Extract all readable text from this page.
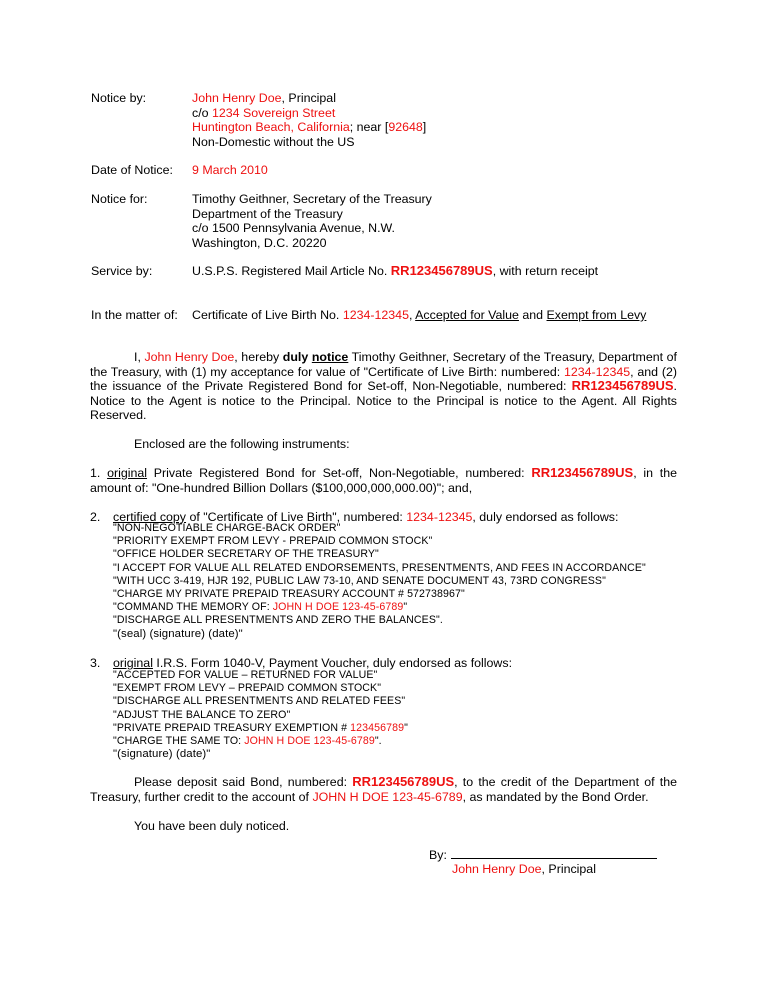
Notice by:	John Henry Doe, Principal
c/o 1234 Sovereign Street
Huntington Beach, California; near [92648]
Non-Domestic without the US
Date of Notice: 9 March 2010
Notice for:	Timothy Geithner, Secretary of the Treasury
Department of the Treasury
c/o 1500 Pennsylvania Avenue, N.W.
Washington, D.C. 20220
Service by:	U.S.P.S. Registered Mail Article No. RR123456789US, with return receipt
In the matter of: Certificate of Live Birth No. 1234-12345, Accepted for Value and Exempt from Levy
I, John Henry Doe, hereby duly notice Timothy Geithner, Secretary of the Treasury, Department of the Treasury, with (1) my acceptance for value of "Certificate of Live Birth: numbered: 1234-12345, and (2) the issuance of the Private Registered Bond for Set-off, Non-Negotiable, numbered: RR123456789US. Notice to the Agent is notice to the Principal. Notice to the Principal is notice to the Agent. All Rights Reserved.
Enclosed are the following instruments:
1. original Private Registered Bond for Set-off, Non-Negotiable, numbered: RR123456789US, in the amount of: "One-hundred Billion Dollars ($100,000,000,000.00)"; and,
2. certified copy of "Certificate of Live Birth", numbered: 1234-12345, duly endorsed as follows:
"NON-NEGOTIABLE CHARGE-BACK ORDER"
"PRIORITY EXEMPT FROM LEVY - PREPAID COMMON STOCK"
"OFFICE HOLDER SECRETARY OF THE TREASURY"
"I ACCEPT FOR VALUE ALL RELATED ENDORSEMENTS, PRESENTMENTS, AND FEES IN ACCORDANCE"
"WITH UCC 3-419, HJR 192, PUBLIC LAW 73-10, AND SENATE DOCUMENT 43, 73RD CONGRESS"
"CHARGE MY PRIVATE PREPAID TREASURY ACCOUNT # 572738967"
"COMMAND THE MEMORY OF: JOHN H DOE 123-45-6789"
"DISCHARGE ALL PRESENTMENTS AND ZERO THE BALANCES".
"(seal) (signature) (date)"
3. original I.R.S. Form 1040-V, Payment Voucher, duly endorsed as follows:
"ACCEPTED FOR VALUE – RETURNED FOR VALUE"
"EXEMPT FROM LEVY – PREPAID COMMON STOCK"
"DISCHARGE ALL PRESENTMENTS AND RELATED FEES"
"ADJUST THE BALANCE TO ZERO"
"PRIVATE PREPAID TREASURY EXEMPTION # 123456789"
"CHARGE THE SAME TO: JOHN H DOE 123-45-6789".
"(signature) (date)"
Please deposit said Bond, numbered: RR123456789US, to the credit of the Department of the Treasury, further credit to the account of JOHN H DOE 123-45-6789, as mandated by the Bond Order.
You have been duly noticed.
By:
John Henry Doe, Principal
